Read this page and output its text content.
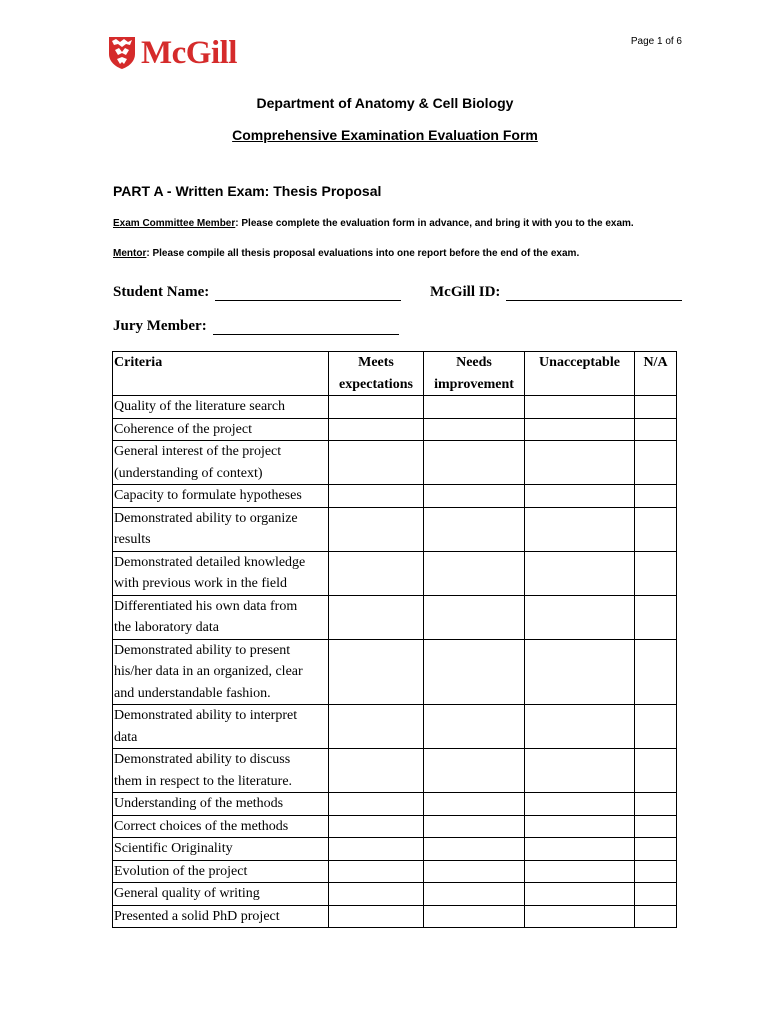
McGill	Page 1 of 6
Department of Anatomy & Cell Biology
Comprehensive Examination Evaluation Form
PART A - Written Exam: Thesis Proposal
Exam Committee Member: Please complete the evaluation form in advance, and bring it with you to the exam.
Mentor: Please compile all thesis proposal evaluations into one report before the end of the exam.
Student Name:	McGill ID:
Jury Member:
Criteria	Meets expectations	Needs improvement	Unacceptable	N/A

Quality of the literature search				

Coherence of the project				

General interest of the project
(understanding of context)				

Capacity to formulate hypotheses				

Demonstrated ability to organize
results				

Demonstrated detailed knowledge
with previous work in the field				

Differentiated his own data from
the laboratory data				

Demonstrated ability to present
his/her data in an organized, clear
and understandable fashion.				

Demonstrated ability to interpret
data				

Demonstrated ability to discuss
them in respect to the literature.				

Understanding of the methods				

Correct choices of the methods				

Scientific Originality				

Evolution of the project				

General quality of writing				

Presented a solid PhD project				
